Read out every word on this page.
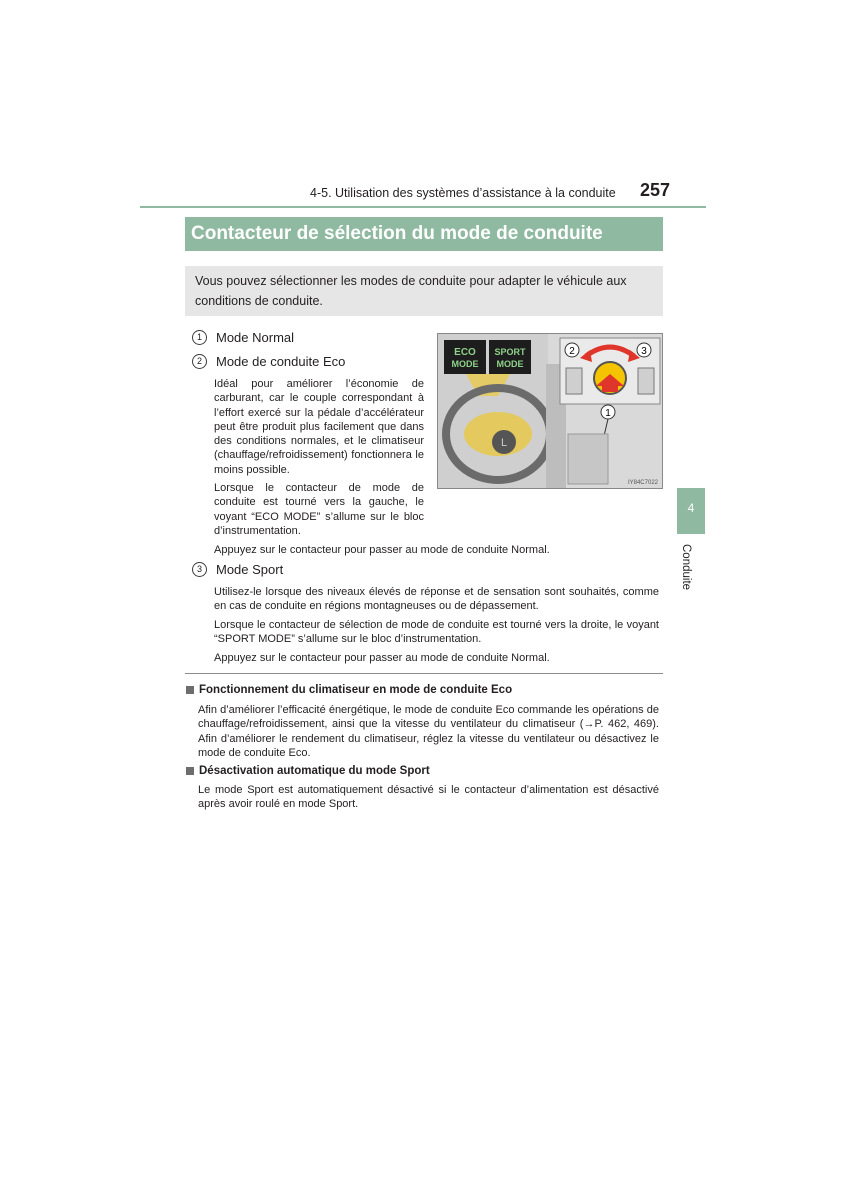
4-5. Utilisation des systèmes d’assistance à la conduite 257
Contacteur de sélection du mode de conduite
Vous pouvez sélectionner les modes de conduite pour adapter le véhicule aux conditions de conduite.
1	Mode Normal
2	Mode de conduite Eco
Idéal pour améliorer l’économie de carburant, car le couple correspondant à l’effort exercé sur la pédale d’accélérateur peut être produit plus facilement que dans des conditions normales, et le climatiseur (chauffage/refroidissement) fonctionnera le moins possible.
Lorsque le contacteur de mode de conduite est tourné vers la gauche, le voyant “ECO MODE” s’allume sur le bloc d’instrumentation.
Appuyez sur le contacteur pour passer au mode de conduite Normal.
3	Mode Sport
Utilisez-le lorsque des niveaux élevés de réponse et de sensation sont souhaités, comme en cas de conduite en régions montagneuses ou de dépassement.
Lorsque le contacteur de sélection de mode de conduite est tourné vers la droite, le voyant “SPORT MODE” s’allume sur le bloc d’instrumentation.
Appuyez sur le contacteur pour passer au mode de conduite Normal.
ECO
MODE
SPORT
MODE
L
2	3
1
IY84C7022
Fonctionnement du climatiseur en mode de conduite Eco
Afin d’améliorer l’efficacité énergétique, le mode de conduite Eco commande les opérations de chauffage/refroidissement, ainsi que la vitesse du ventilateur du climatiseur (→P. 462, 469). Afin d’améliorer le rendement du climatiseur, réglez la vitesse du ventilateur ou désactivez le mode de conduite Eco.
Désactivation automatique du mode Sport
Le mode Sport est automatiquement désactivé si le contacteur d’alimentation est désactivé après avoir roulé en mode Sport.
4
Conduite
